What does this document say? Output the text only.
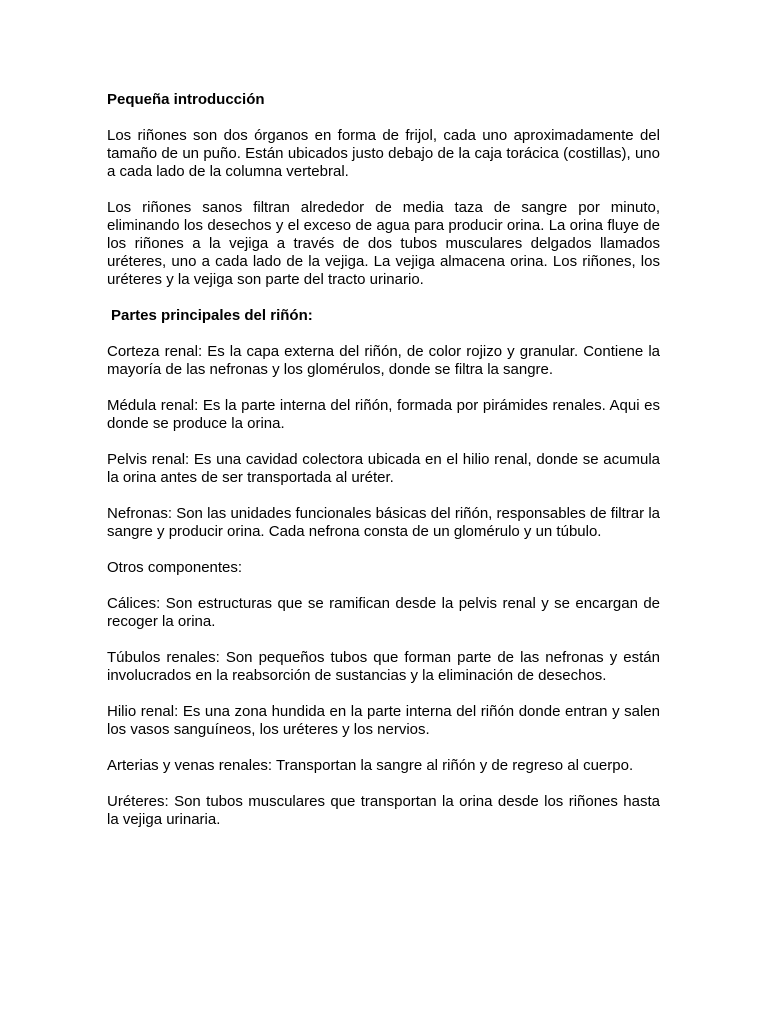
Pequeña introducción

Los riñones son dos órganos en forma de frijol, cada uno aproximadamente del tamaño de un puño. Están ubicados justo debajo de la caja torácica (costillas), uno a cada lado de la columna vertebral.

Los riñones sanos filtran alrededor de media taza de sangre por minuto, eliminando los desechos y el exceso de agua para producir orina. La orina fluye de los riñones a la vejiga a través de dos tubos musculares delgados llamados uréteres, uno a cada lado de la vejiga. La vejiga almacena orina. Los riñones, los uréteres y la vejiga son parte del tracto urinario.

Partes principales del riñón:

Corteza renal: Es la capa externa del riñón, de color rojizo y granular. Contiene la mayoría de las nefronas y los glomérulos, donde se filtra la sangre.

Médula renal: Es la parte interna del riñón, formada por pirámides renales. Aqui es donde se produce la orina.

Pelvis renal: Es una cavidad colectora ubicada en el hilio renal, donde se acumula la orina antes de ser transportada al uréter.

Nefronas: Son las unidades funcionales básicas del riñón, responsables de filtrar la sangre y producir orina. Cada nefrona consta de un glomérulo y un túbulo.

Otros componentes:

Cálices: Son estructuras que se ramifican desde la pelvis renal y se encargan de recoger la orina.

Túbulos renales: Son pequeños tubos que forman parte de las nefronas y están involucrados en la reabsorción de sustancias y la eliminación de desechos.

Hilio renal: Es una zona hundida en la parte interna del riñón donde entran y salen los vasos sanguíneos, los uréteres y los nervios.

Arterias y venas renales: Transportan la sangre al riñón y de regreso al cuerpo.

Uréteres: Son tubos musculares que transportan la orina desde los riñones hasta la vejiga urinaria.
